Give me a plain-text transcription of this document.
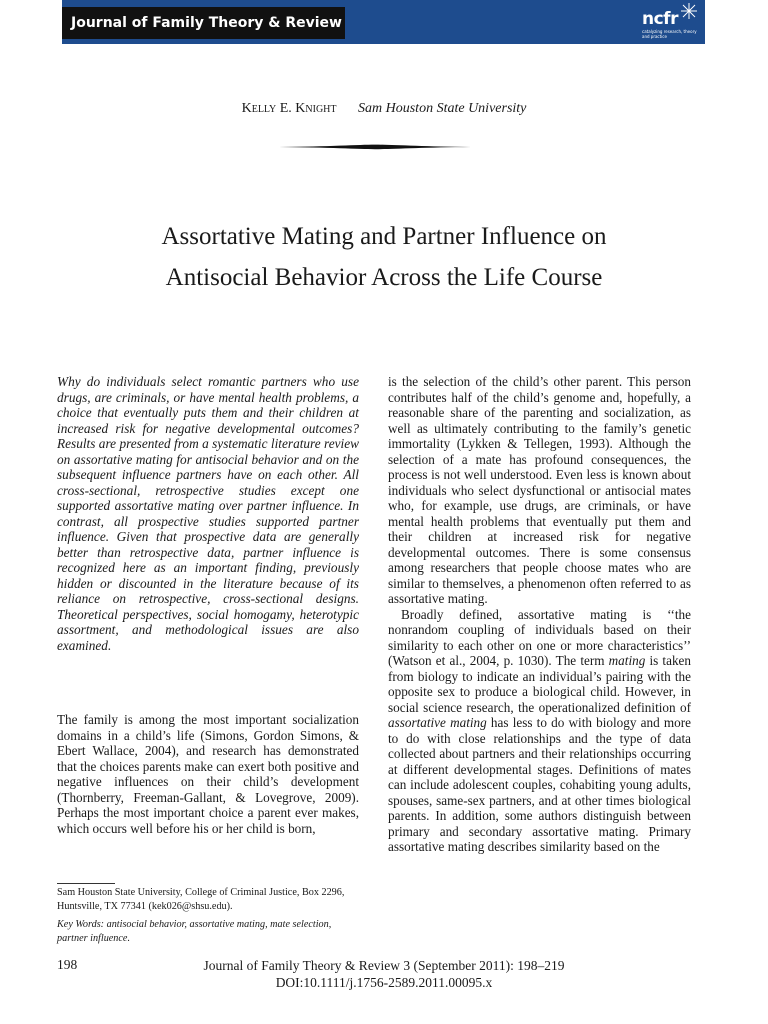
Journal of Family Theory & Review	ncfr
catalyzing research, theory and practice
Kelly E. Knight Sam Houston State University
Assortative Mating and Partner Influence on
Antisocial Behavior Across the Life Course
Why do individuals select romantic partners who use drugs, are criminals, or have mental health problems, a choice that eventually puts them and their children at increased risk for negative developmental outcomes? Results are presented from a systematic literature review on assortative mating for antisocial behavior and on the subsequent influence partners have on each other. All cross-sectional, retrospective studies except one supported assortative mating over partner influence. In contrast, all prospective studies supported partner influence. Given that prospective data are generally better than retrospective data, partner influence is recognized here as an important finding, previously hidden or discounted in the literature because of its reliance on retrospective, cross-sectional designs. Theoretical perspectives, social homogamy, heterotypic assortment, and methodological issues are also examined.
The family is among the most important socialization domains in a child’s life (Simons, Gordon Simons, & Ebert Wallace, 2004), and research has demonstrated that the choices parents make can exert both positive and negative influences on their child’s development (Thornberry, Freeman-Gallant, & Lovegrove, 2009). Perhaps the most important choice a parent ever makes, which occurs well before his or her child is born,

is the selection of the child’s other parent. This person contributes half of the child’s genome and, hopefully, a reasonable share of the parenting and socialization, as well as ultimately contributing to the family’s genetic immortality (Lykken & Tellegen, 1993). Although the selection of a mate has profound consequences, the process is not well understood. Even less is known about individuals who select dysfunctional or antisocial mates who, for example, use drugs, are criminals, or have mental health problems that eventually put them and their children at increased risk for negative developmental outcomes. There is some consensus among researchers that people choose mates who are similar to themselves, a phenomenon often referred to as assortative mating.

Broadly defined, assortative mating is ‘‘the nonrandom coupling of individuals based on their similarity to each other on one or more characteristics’’ (Watson et al., 2004, p. 1030). The term mating is taken from biology to indicate an individual’s pairing with the opposite sex to produce a biological child. However, in social science research, the operationalized definition of assortative mating has less to do with biology and more to do with close relationships and the type of data collected about partners and their relationships occurring at different developmental stages. Definitions of mates can include adolescent couples, cohabiting young adults, spouses, same-sex partners, and at other times biological parents. In addition, some authors distinguish between primary and secondary assortative mating. Primary assortative mating describes similarity based on the

Sam Houston State University, College of Criminal Justice, Box 2296, Huntsville, TX 77341 (kek026@shsu.edu).
Key Words: antisocial behavior, assortative mating, mate selection, partner influence.
198	Journal of Family Theory & Review 3 (September 2011): 198–219
DOI:10.1111/j.1756-2589.2011.00095.x
